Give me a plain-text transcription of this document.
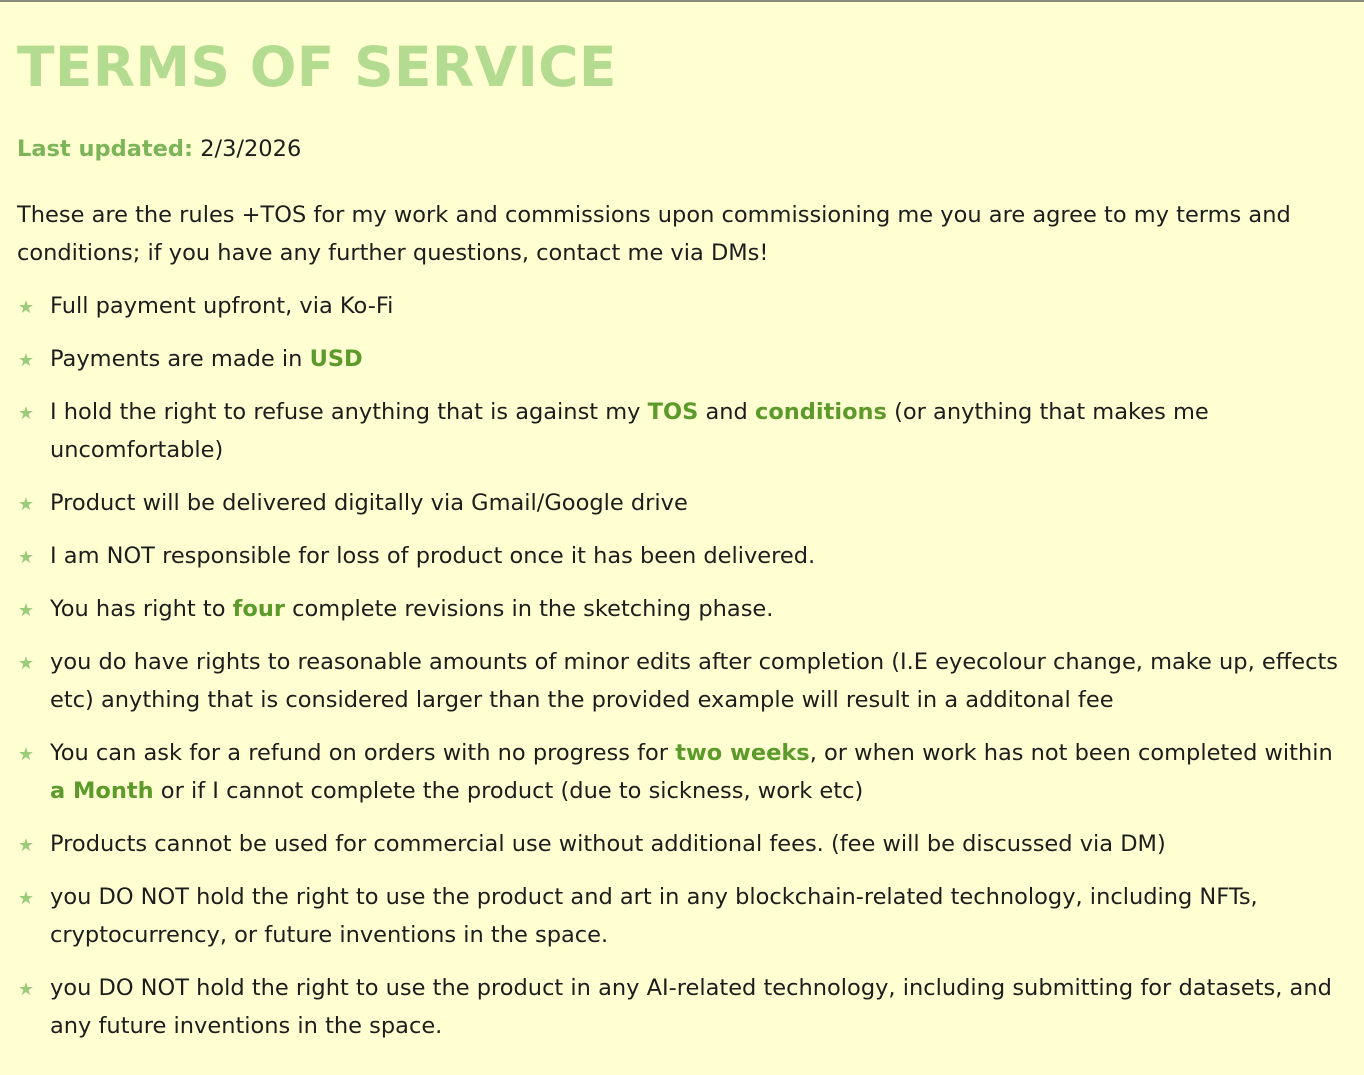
TERMS OF SERVICE

Last updated: 2/3/2026

These are the rules +TOS for my work and commissions upon commissioning me you are agree to my terms and conditions; if you have any further questions, contact me via DMs!

★ Full payment upfront, via Ko-Fi
★ Payments are made in USD
★ I hold the right to refuse anything that is against my TOS and conditions (or anything that makes me uncomfortable)
★ Product will be delivered digitally via Gmail/Google drive
★ I am NOT responsible for loss of product once it has been delivered.
★ You has right to four complete revisions in the sketching phase.
★ you do have rights to reasonable amounts of minor edits after completion (I.E eyecolour change, make up, effects etc) anything that is considered larger than the provided example will result in a additonal fee
★ You can ask for a refund on orders with no progress for two weeks, or when work has not been completed within a Month or if I cannot complete the product (due to sickness, work etc)
★ Products cannot be used for commercial use without additional fees. (fee will be discussed via DM)
★ you DO NOT hold the right to use the product and art in any blockchain-related technology, including NFTs, cryptocurrency, or future inventions in the space.
★ you DO NOT hold the right to use the product in any AI-related technology, including submitting for datasets, and any future inventions in the space.
